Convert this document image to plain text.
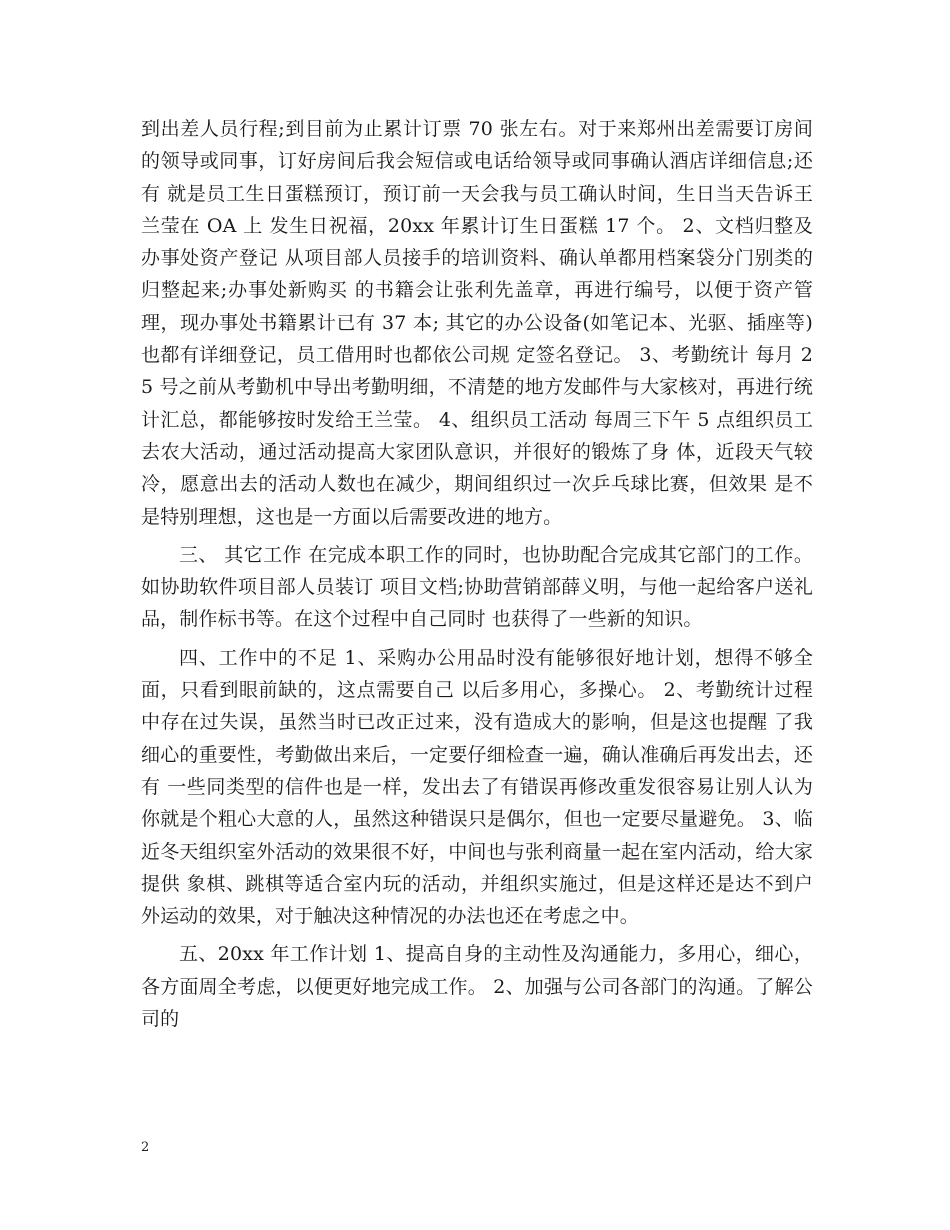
到出差人员行程;到目前为止累计订票 70 张左右。对于来郑州出差需要订房间的领导或同事，订好房间后我会短信或电话给领导或同事确认酒店详细信息;还有 就是员工生日蛋糕预订，预订前一天会我与员工确认时间，生日当天告诉王兰莹在 OA 上 发生日祝福，20xx 年累计订生日蛋糕 17 个。 2、文档归整及办事处资产登记 从项目部人员接手的培训资料、确认单都用档案袋分门别类的归整起来;办事处新购买 的书籍会让张利先盖章，再进行编号，以便于资产管理，现办事处书籍累计已有 37 本; 其它的办公设备(如笔记本、光驱、插座等)也都有详细登记，员工借用时也都依公司规 定签名登记。 3、考勤统计 每月 25 号之前从考勤机中导出考勤明细，不清楚的地方发邮件与大家核对，再进行统 计汇总，都能够按时发给王兰莹。 4、组织员工活动 每周三下午 5 点组织员工去农大活动，通过活动提高大家团队意识，并很好的锻炼了身 体，近段天气较冷，愿意出去的活动人数也在减少，期间组织过一次乒乓球比赛，但效果 是不是特别理想，这也是一方面以后需要改进的地方。

三、 其它工作 在完成本职工作的同时，也协助配合完成其它部门的工作。如协助软件项目部人员装订 项目文档;协助营销部薛义明，与他一起给客户送礼品，制作标书等。在这个过程中自己同时 也获得了一些新的知识。

四、工作中的不足 1、采购办公用品时没有能够很好地计划，想得不够全面，只看到眼前缺的，这点需要自己 以后多用心，多操心。 2、考勤统计过程中存在过失误，虽然当时已改正过来，没有造成大的影响，但是这也提醒 了我细心的重要性，考勤做出来后，一定要仔细检查一遍，确认准确后再发出去，还有 一些同类型的信件也是一样，发出去了有错误再修改重发很容易让别人认为你就是个粗心大意的人，虽然这种错误只是偶尔，但也一定要尽量避免。 3、临近冬天组织室外活动的效果很不好，中间也与张利商量一起在室内活动，给大家提供 象棋、跳棋等适合室内玩的活动，并组织实施过，但是这样还是达不到户外运动的效果，对于触决这种情况的办法也还在考虑之中。

五、20xx 年工作计划 1、提高自身的主动性及沟通能力，多用心，细心，各方面周全考虑，以便更好地完成工作。 2、加强与公司各部门的沟通。了解公司的

2
